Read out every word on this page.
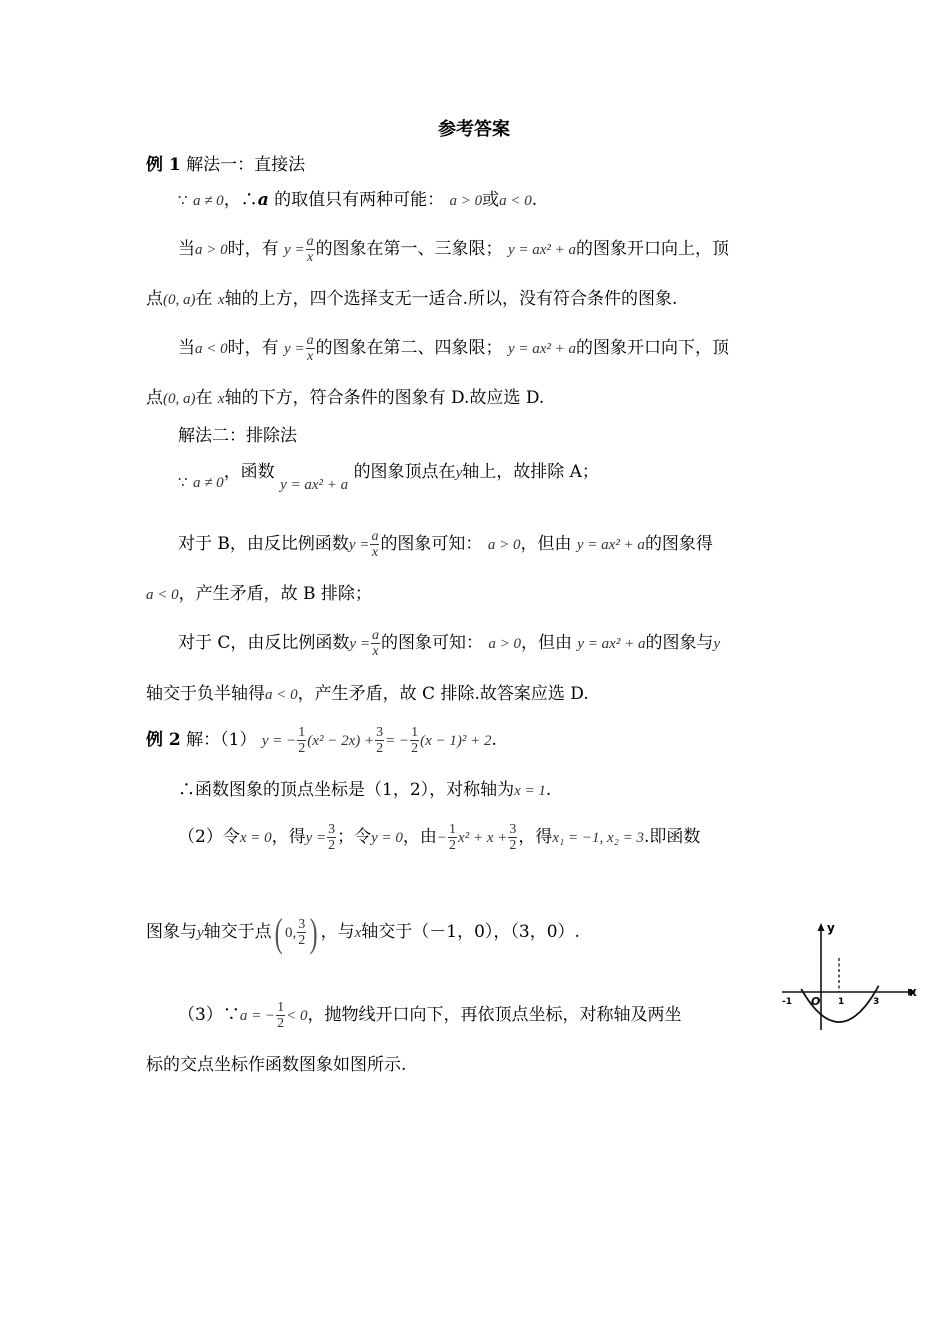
参考答案
例 1 解法一：直接法
∵ a ≠ 0，∴a 的取值只有两种可能： a > 0或a < 0.
当a > 0时，有 $y = \frac{a}{x}$ 的图象在第一、三象限； y = ax² + a的图象开口向上，顶
点(0, a)在 x轴的上方，四个选择支无一适合.所以，没有符合条件的图象.
当a < 0时，有 $y = \frac{a}{x}$ 的图象在第二、四象限； y = ax² + a的图象开口向下，顶
点(0, a)在 x轴的下方，符合条件的图象有 D.故应选 D.
解法二：排除法
∵ a ≠ 0，函数 y = ax² + a 的图象顶点在y轴上，故排除 A；
对于 B，由反比例函数$y = \frac{a}{x}$ 的图象可知： a > 0，但由 y = ax² + a的图象得
a < 0，产生矛盾，故 B 排除；
对于 C，由反比例函数$y = \frac{a}{x}$ 的图象可知： a > 0，但由 y = ax² + a的图象与y
轴交于负半轴得a < 0，产生矛盾，故 C 排除.故答案应选 D.
例 2 解：（1） y = − $\frac{1}{2} (x^2 - 2x) + \frac{3}{2}$ = − $\frac{1}{2} (x - 1)^2 + 2$.
∴函数图象的顶点坐标是（1，2），对称轴为x = 1.
（2）令x = 0，得$y = \frac{3}{2}$ ；令y = 0，由− $\frac{1}{2} x^2 + x + \frac{3}{2}$ ，得x₁ = −1, x₂ = 3.即函数
图象与y轴交于点( 0, $\frac{3}{2}$ ) ，与x轴交于（－1，0），（3，0）.
（3）∵a = − $\frac{1}{2} < 0$，抛物线开口向下，再依顶点坐标，对称轴及两坐
标的交点坐标作函数图象如图所示.
y
x
O
-1	1	3
